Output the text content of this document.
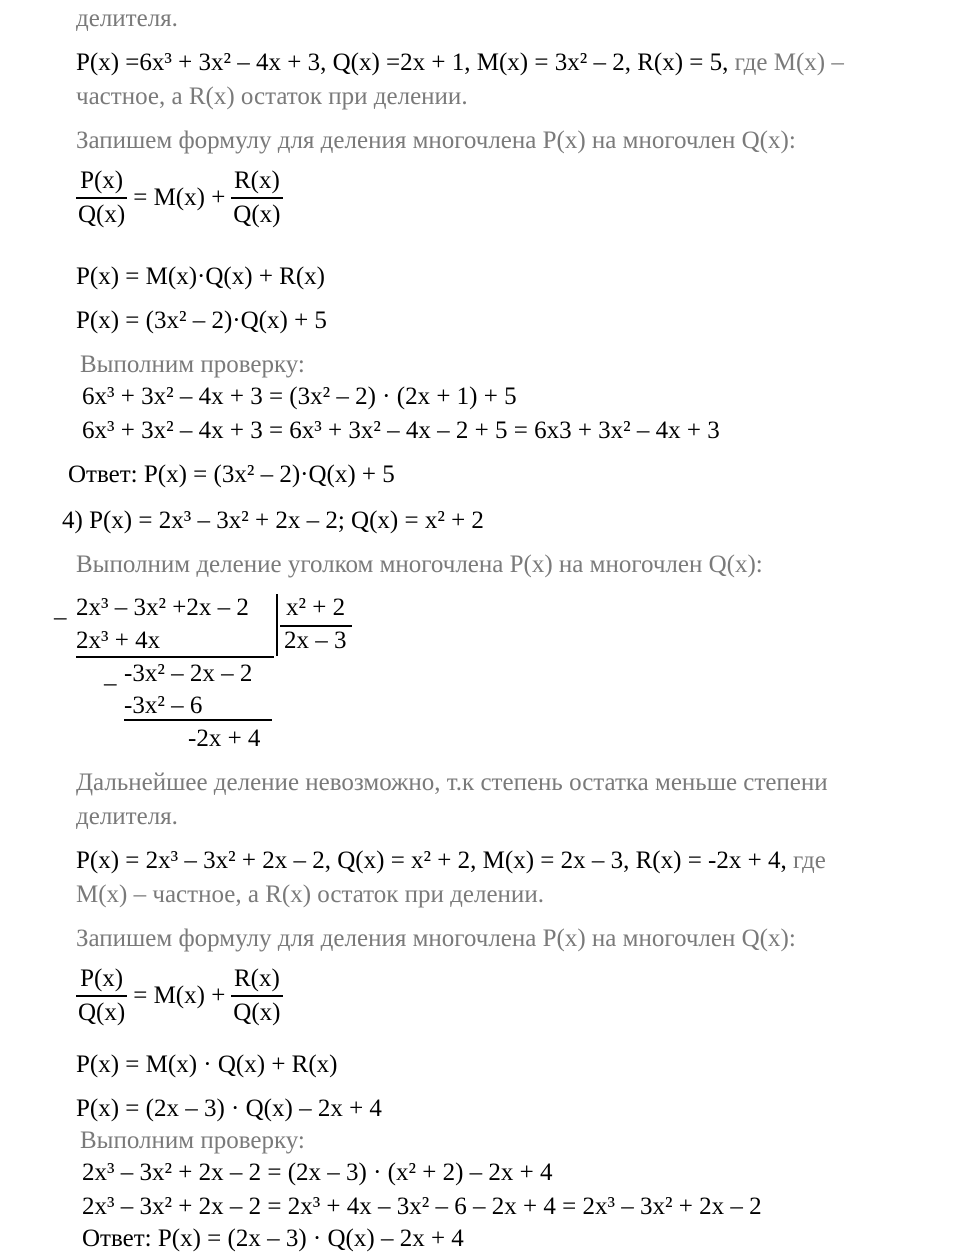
делителя.
P(x) =6x³ + 3x² – 4x + 3, Q(x) =2x + 1, M(x) = 3x² – 2, R(x) = 5, где M(x) –
частное, а R(x) остаток при делении.
Запишем формулу для деления многочлена P(x) на многочлен Q(x):
$\frac{P(x)}{Q(x)} = M(x) + \frac{R(x)}{Q(x)}$
P(x) = M(x)·Q(x) + R(x)
P(x) = (3x² – 2)·Q(x) + 5
Выполним проверку:
6x³ + 3x² – 4x + 3 = (3x² – 2) · (2x + 1) + 5
6x³ + 3x² – 4x + 3 = 6x³ + 3x² – 4x – 2 + 5 = 6x3 + 3x² – 4x + 3
Ответ: P(x) = (3x² – 2)·Q(x) + 5
4) P(x) = 2x³ – 3x² + 2x – 2; Q(x) = x² + 2
Выполним деление уголком многочлена P(x) на многочлен Q(x):
2x³ – 3x² +2x – 2
–	x² + 2
2x – 3
2x³ + 4x
– -3x² – 2x – 2
-3x² – 6
-2x + 4
Дальнейшее деление невозможно, т.к степень остатка меньше степени
делителя.
P(x) = 2x³ – 3x² + 2x – 2, Q(x) = x² + 2, M(x) = 2x – 3, R(x) = -2x + 4, где
M(x) – частное, а R(x) остаток при делении.
Запишем формулу для деления многочлена P(x) на многочлен Q(x):
$\frac{P(x)}{Q(x)} = M(x) + \frac{R(x)}{Q(x)}$
P(x) = M(x) · Q(x) + R(x)
P(x) = (2x – 3) · Q(x) – 2x + 4
Выполним проверку:
2x³ – 3x² + 2x – 2 = (2x – 3) · (x² + 2) – 2x + 4
2x³ – 3x² + 2x – 2 = 2x³ + 4x – 3x² – 6 – 2x + 4 = 2x³ – 3x² + 2x – 2
Ответ: P(x) = (2x – 3) · Q(x) – 2x + 4
